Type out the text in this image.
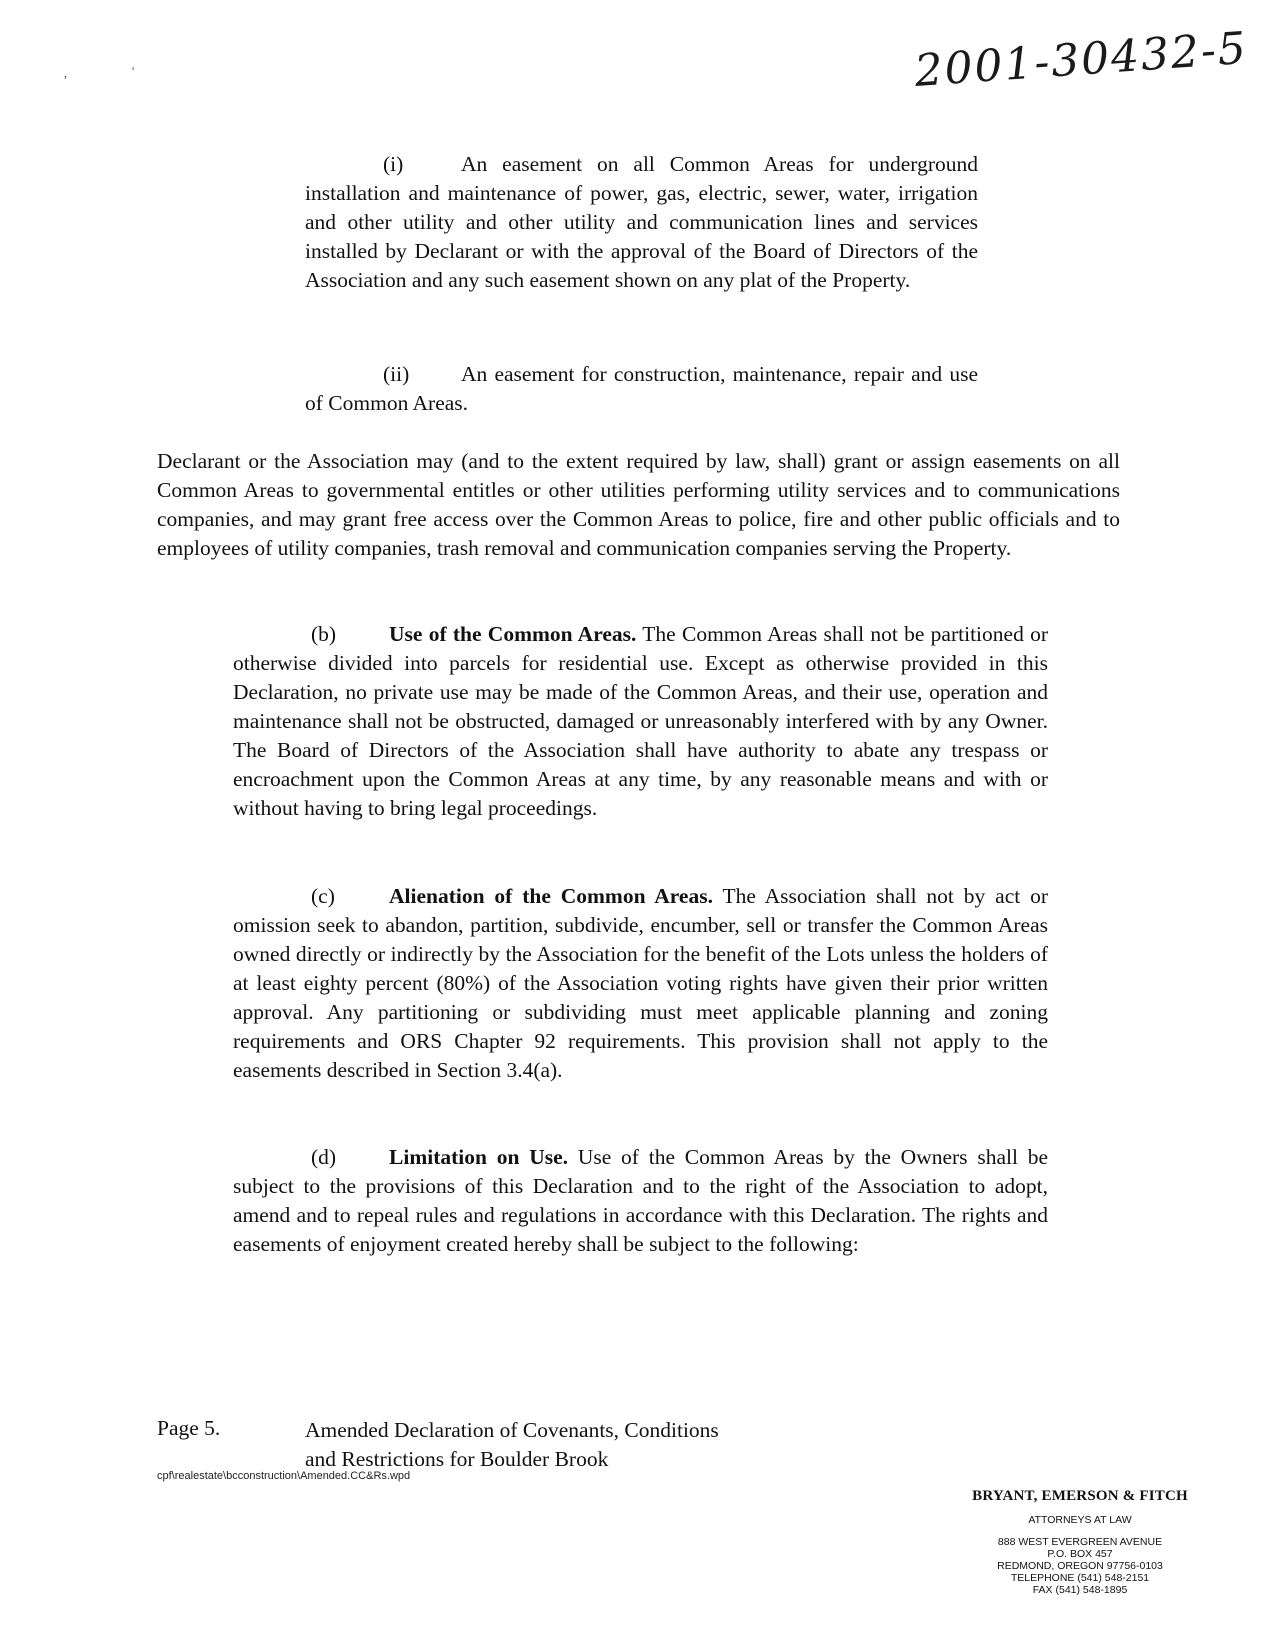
,	'	2001-30432-5

(i)	An easement on all Common Areas for underground installation and maintenance of power, gas, electric, sewer, water, irrigation and other utility and other utility and communication lines and services installed by Declarant or with the approval of the Board of Directors of the Association and any such easement shown on any plat of the Property.

(ii) An easement for construction, maintenance, repair and use of Common Areas.

Declarant or the Association may (and to the extent required by law, shall) grant or assign easements on all Common Areas to governmental entitles or other utilities performing utility services and to communications companies, and may grant free access over the Common Areas to police, fire and other public officials and to employees of utility companies, trash removal and communication companies serving the Property.

(b) Use of the Common Areas. The Common Areas shall not be partitioned or otherwise divided into parcels for residential use. Except as otherwise provided in this Declaration, no private use may be made of the Common Areas, and their use, operation and maintenance shall not be obstructed, damaged or unreasonably interfered with by any Owner. The Board of Directors of the Association shall have authority to abate any trespass or encroachment upon the Common Areas at any time, by any reasonable means and with or without having to bring legal proceedings.

(c)	Alienation of the Common Areas. The Association shall not by act or omission seek to abandon, partition, subdivide, encumber, sell or transfer the Common Areas owned directly or indirectly by the Association for the benefit of the Lots unless the holders of at least eighty percent (80%) of the Association voting rights have given their prior written approval. Any partitioning or subdividing must meet applicable planning and zoning requirements and ORS Chapter 92 requirements. This provision shall not apply to the easements described in Section 3.4(a).

(d) Limitation on Use. Use of the Common Areas by the Owners shall be subject to the provisions of this Declaration and to the right of the Association to adopt, amend and to repeal rules and regulations in accordance with this Declaration. The rights and easements of enjoyment created hereby shall be subject to the following:

Page 5.	Amended Declaration of Covenants, Conditions
and Restrictions for Boulder Brook
cpf\realestate\bcconstruction\Amended.CC&Rs.wpd
BRYANT, EMERSON & FITCH
ATTORNEYS AT LAW
888 WEST EVERGREEN AVENUE
P.O. BOX 457
REDMOND, OREGON 97756-0103
TELEPHONE (541) 548-2151
FAX (541) 548-1895
